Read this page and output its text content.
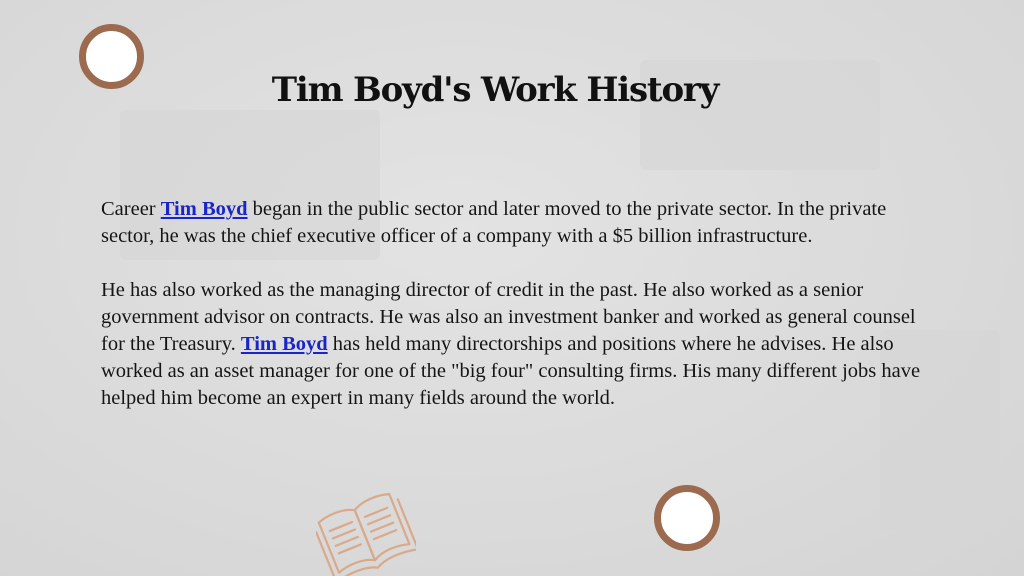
Tim Boyd's Work History

Career Tim Boyd began in the public sector and later moved to the private sector. In the private sector, he was the chief executive officer of a company with a $5 billion infrastructure.

He has also worked as the managing director of credit in the past. He also worked as a senior government advisor on contracts. He was also an investment banker and worked as general counsel for the Treasury. Tim Boyd has held many directorships and positions where he advises. He also worked as an asset manager for one of the "big four" consulting firms. His many different jobs have helped him become an expert in many fields around the world.
